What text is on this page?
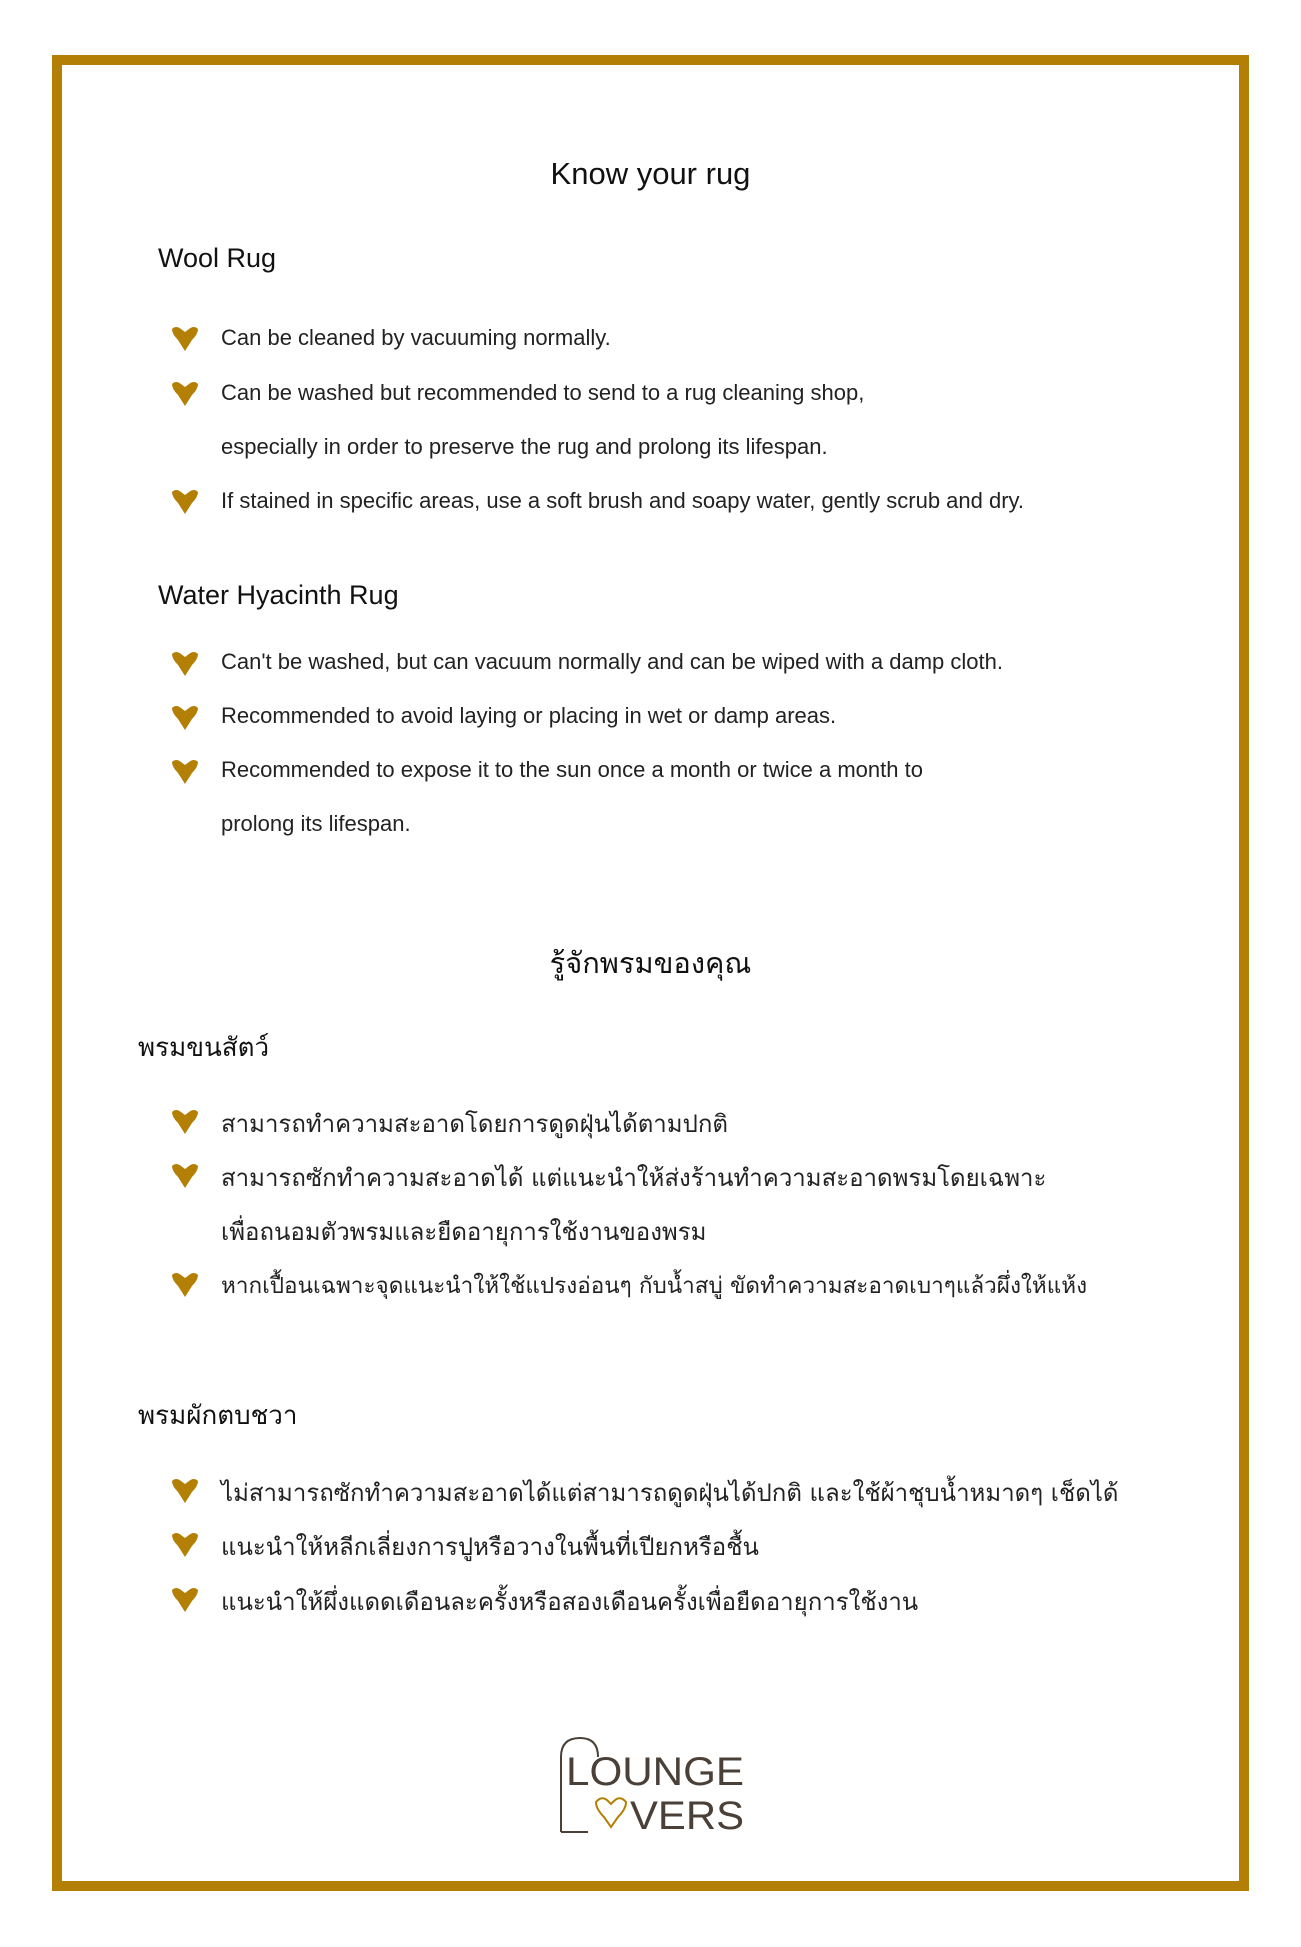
Know your rug
Wool Rug
Can be cleaned by vacuuming normally.
Can be washed but recommended to send to a rug cleaning shop,
especially in order to preserve the rug and prolong its lifespan.
If stained in specific areas, use a soft brush and soapy water, gently scrub and dry.
Water Hyacinth Rug
Can't be washed, but can vacuum normally and can be wiped with a damp cloth.
Recommended to avoid laying or placing in wet or damp areas.
Recommended to expose it to the sun once a month or twice a month to
prolong its lifespan.
รู้จักพรมของคุณ
พรมขนสัตว์
สามารถทำความสะอาดโดยการดูดฝุ่นได้ตามปกติ
สามารถซักทำความสะอาดได้ แต่แนะนำให้ส่งร้านทำความสะอาดพรมโดยเฉพาะ
เพื่อถนอมตัวพรมและยืดอายุการใช้งานของพรม
หากเปื้อนเฉพาะจุดแนะนำให้ใช้แปรงอ่อนๆ กับน้ำสบู่ ขัดทำความสะอาดเบาๆแล้วผึ่งให้แห้ง
พรมผักตบชวา
ไม่สามารถซักทำความสะอาดได้แต่สามารถดูดฝุ่นได้ปกติ และใช้ผ้าชุบน้ำหมาดๆ เช็ดได้
แนะนำให้หลีกเลี่ยงการปูหรือวางในพื้นที่เปียกหรือชื้น
แนะนำให้ผึ่งแดดเดือนละครั้งหรือสองเดือนครั้งเพื่อยืดอายุการใช้งาน
LOUNGE
VERS
